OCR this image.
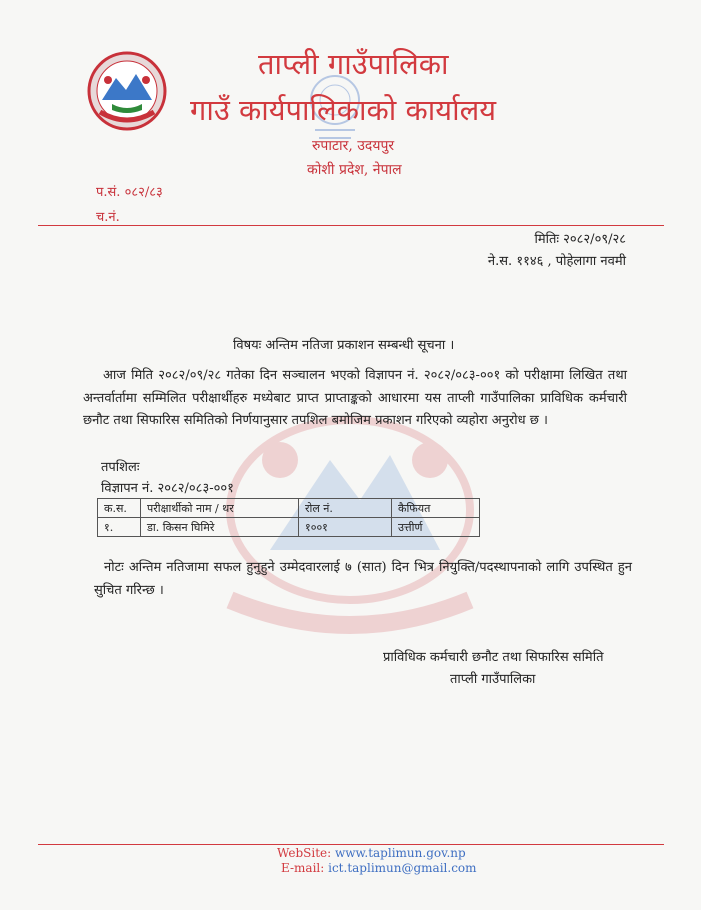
ताप्ली गाउँपालिका
गाउँ कार्यपालिकाको कार्यालय
रुपाटार, उदयपुर
कोशी प्रदेश, नेपाल
प.सं. ०८२/८३
च.नं.
मितिः २०८२/०९/२८
ने.स. ११४६ , पोहेलागा नवमी
विषयः अन्तिम नतिजा प्रकाशन सम्बन्धी सूचना ।
आज मिति २०८२/०९/२८ गतेका दिन सञ्चालन भएको विज्ञापन नं. २०८२/०८३-००१ को परीक्षामा लिखित तथा अन्तर्वार्तामा सम्मिलित परीक्षार्थीहरु मध्येबाट प्राप्त प्राप्ताङ्कको आधारमा यस ताप्ली गाउँपालिका प्राविधिक कर्मचारी छनौट तथा सिफारिस समितिको निर्णयानुसार तपशिल बमोजिम प्रकाशन गरिएको व्यहोरा अनुरोध छ ।
तपशिलः
विज्ञापन नं. २०८२/०८३-००१
क.स.	परीक्षार्थीको नाम / थर	रोल नं.	कैफियत
१.	डा. किसन घिमिरे	१००१	उत्तीर्ण
नोटः अन्तिम नतिजामा सफल हुनुहुने उम्मेदवारलाई ७ (सात) दिन भित्र नियुक्ति/पदस्थापनाको लागि उपस्थित हुन सुचित गरिन्छ ।
प्राविधिक कर्मचारी छनौट तथा सिफारिस समिति
ताप्ली गाउँपालिका
WebSite: www.taplimun.gov.np
E-mail: ict.taplimun@gmail.com
